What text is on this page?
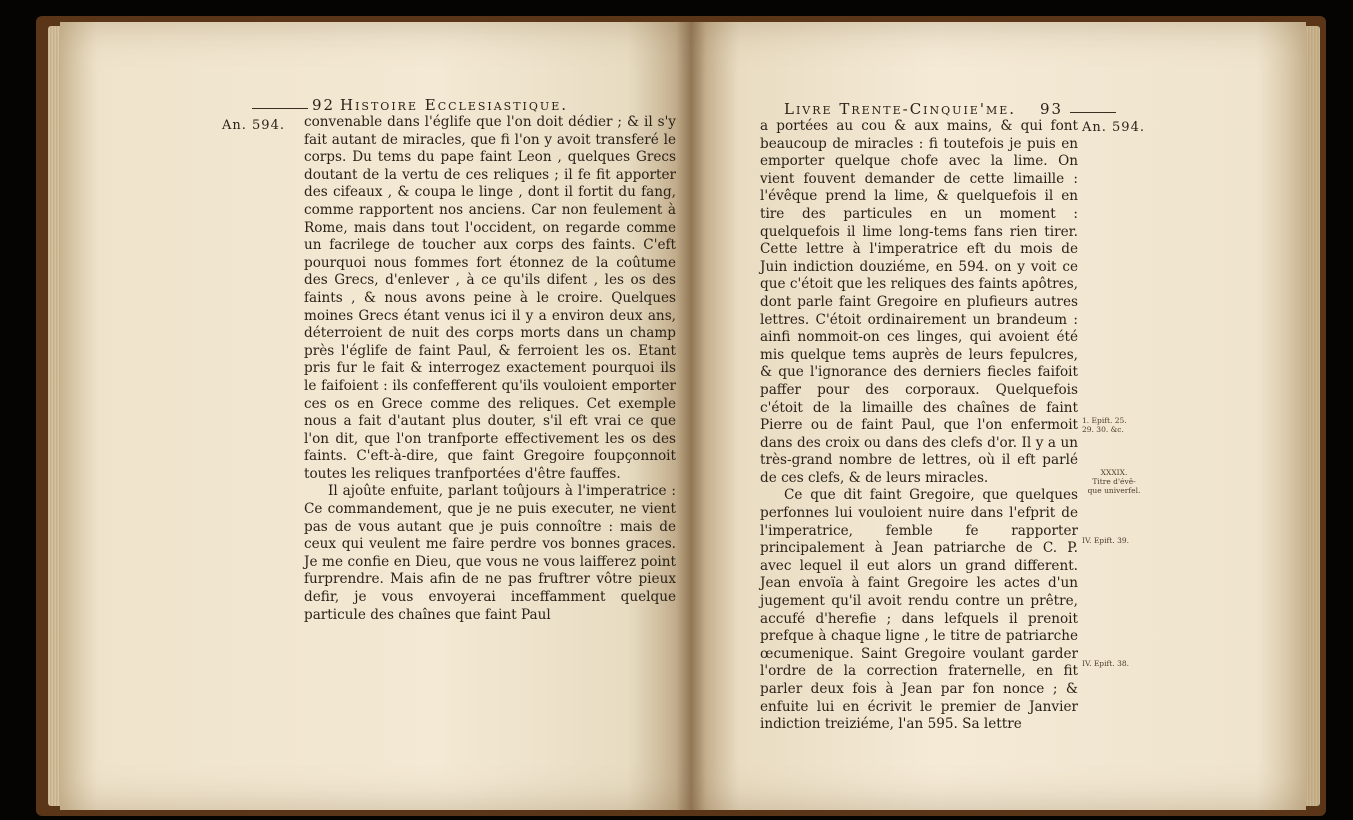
92 Histoire Ecclesiastique.
An. 594. convenable dans l'églife que l'on doit dédier ; & il s'y fait autant de miracles, que fi l'on y avoit transferé le corps. Du tems du pape faint Leon , quelques Grecs doutant de la vertu de ces reliques ; il fe fit apporter des cifeaux , & coupa le linge , dont il fortit du fang, comme rapportent nos anciens. Car non feulement à Rome, mais dans tout l'occident, on regarde comme un facrilege de toucher aux corps des faints. C'eft pourquoi nous fommes fort étonnez de la coûtume des Grecs, d'enlever , à ce qu'ils difent , les os des faints , & nous avons peine à le croire. Quelques moines Grecs étant venus ici il y a environ deux ans, déterroient de nuit des corps morts dans un champ près l'églife de faint Paul, & ferroient les os. Etant pris fur le fait & interrogez exactement pourquoi ils le faifoient : ils confefferent qu'ils vouloient emporter ces os en Grece comme des reliques. Cet exemple nous a fait d'autant plus douter, s'il eft vrai ce que l'on dit, que l'on tranfporte effectivement les os des faints. C'eft-à-dire, que faint Gregoire foupçonnoit toutes les reliques tranfportées d'être fauffes.

Il ajoûte enfuite, parlant toûjours à l'imperatrice : Ce commandement, que je ne puis executer, ne vient pas de vous autant que je puis connoître : mais de ceux qui veulent me faire perdre vos bonnes graces. Je me confie en Dieu, que vous ne vous laifferez point furprendre. Mais afin de ne pas fruftrer vôtre pieux defir, je vous envoyerai inceffamment quelque particule des chaînes que faint Paul

Livre Trente-Cinquie'me. 93
An. 594.

a portées au cou & aux mains, & qui font beaucoup de miracles : fi toutefois je puis en emporter quelque chofe avec la lime. On vient fouvent demander de cette limaille : l'évêque prend la lime, & quelquefois il en tire des particules en un moment : quelquefois il lime long-tems fans rien tirer. Cette lettre à l'imperatrice eft du mois de Juin indiction douziéme, en 594. on y voit ce que c'étoit que les reliques des faints apôtres, dont parle faint Gregoire en plufieurs autres lettres. C'étoit ordinairement un brandeum : ainfi nommoit-on ces linges, qui avoient été mis quelque tems auprès de leurs fepulcres, & que l'ignorance des derniers fiecles faifoit paffer pour des corporaux. Quelquefois c'étoit de la limaille des chaînes de faint Pierre ou de faint Paul, que l'on enfermoit dans des croix ou dans des clefs d'or. Il y a un très-grand nombre de lettres, où il eft parlé de ces clefs, & de leurs miracles.

Ce que dit faint Gregoire, que quelques perfonnes lui vouloient nuire dans l'efprit de l'imperatrice, femble fe rapporter principalement à Jean patriarche de C. P. avec lequel il eut alors un grand different. Jean envoïa à faint Gregoire les actes d'un jugement qu'il avoit rendu contre un prêtre, accufé d'herefie ; dans lefquels il prenoit prefque à chaque ligne , le titre de patriarche œcumenique. Saint Gregoire voulant garder l'ordre de la correction fraternelle, en fit parler deux fois à Jean par fon nonce ; & enfuite lui en écrivit le premier de Janvier indiction treiziéme, l'an 595. Sa lettre

1. Epift. 25. 29. 30. &c.
XXXIX.
Titre d'évê-
que univerfel.
IV. Epift. 39.
IV. Epift. 38.
